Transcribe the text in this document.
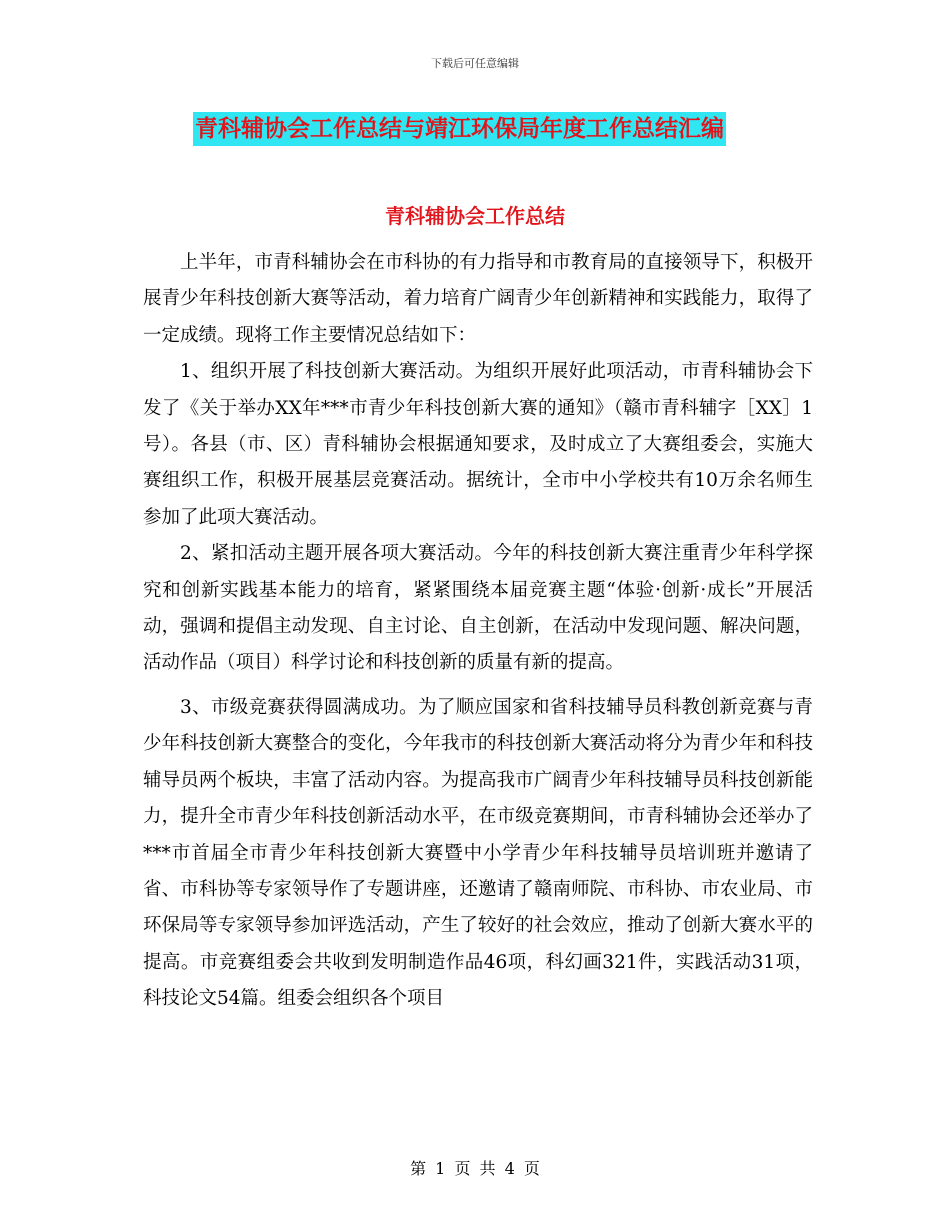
下载后可任意编辑
青科辅协会工作总结与靖江环保局年度工作总结汇编
青科辅协会工作总结

上半年，市青科辅协会在市科协的有力指导和市教育局的直接领导下，积极开展青少年科技创新大赛等活动，着力培育广阔青少年创新精神和实践能力，取得了一定成绩。现将工作主要情况总结如下：

1、组织开展了科技创新大赛活动。为组织开展好此项活动，市青科辅协会下发了《关于举办XX年***市青少年科技创新大赛的通知》（赣市青科辅字［XX］1号）。各县（市、区）青科辅协会根据通知要求，及时成立了大赛组委会，实施大赛组织工作，积极开展基层竞赛活动。据统计，全市中小学校共有10万余名师生参加了此项大赛活动。

2、紧扣活动主题开展各项大赛活动。今年的科技创新大赛注重青少年科学探究和创新实践基本能力的培育，紧紧围绕本届竞赛主题“体验·创新·成长”开展活动，强调和提倡主动发现、自主讨论、自主创新，在活动中发现问题、解决问题，活动作品（项目）科学讨论和科技创新的质量有新的提高。

3、市级竞赛获得圆满成功。为了顺应国家和省科技辅导员科教创新竞赛与青少年科技创新大赛整合的变化，今年我市的科技创新大赛活动将分为青少年和科技辅导员两个板块，丰富了活动内容。为提高我市广阔青少年科技辅导员科技创新能力，提升全市青少年科技创新活动水平，在市级竞赛期间，市青科辅协会还举办了***市首届全市青少年科技创新大赛暨中小学青少年科技辅导员培训班并邀请了省、市科协等专家领导作了专题讲座，还邀请了赣南师院、市科协、市农业局、市环保局等专家领导参加评选活动，产生了较好的社会效应，推动了创新大赛水平的提高。市竞赛组委会共收到发明制造作品46项，科幻画321件，实践活动31项，科技论文54篇。组委会组织各个项目

第 1 页 共 4 页
